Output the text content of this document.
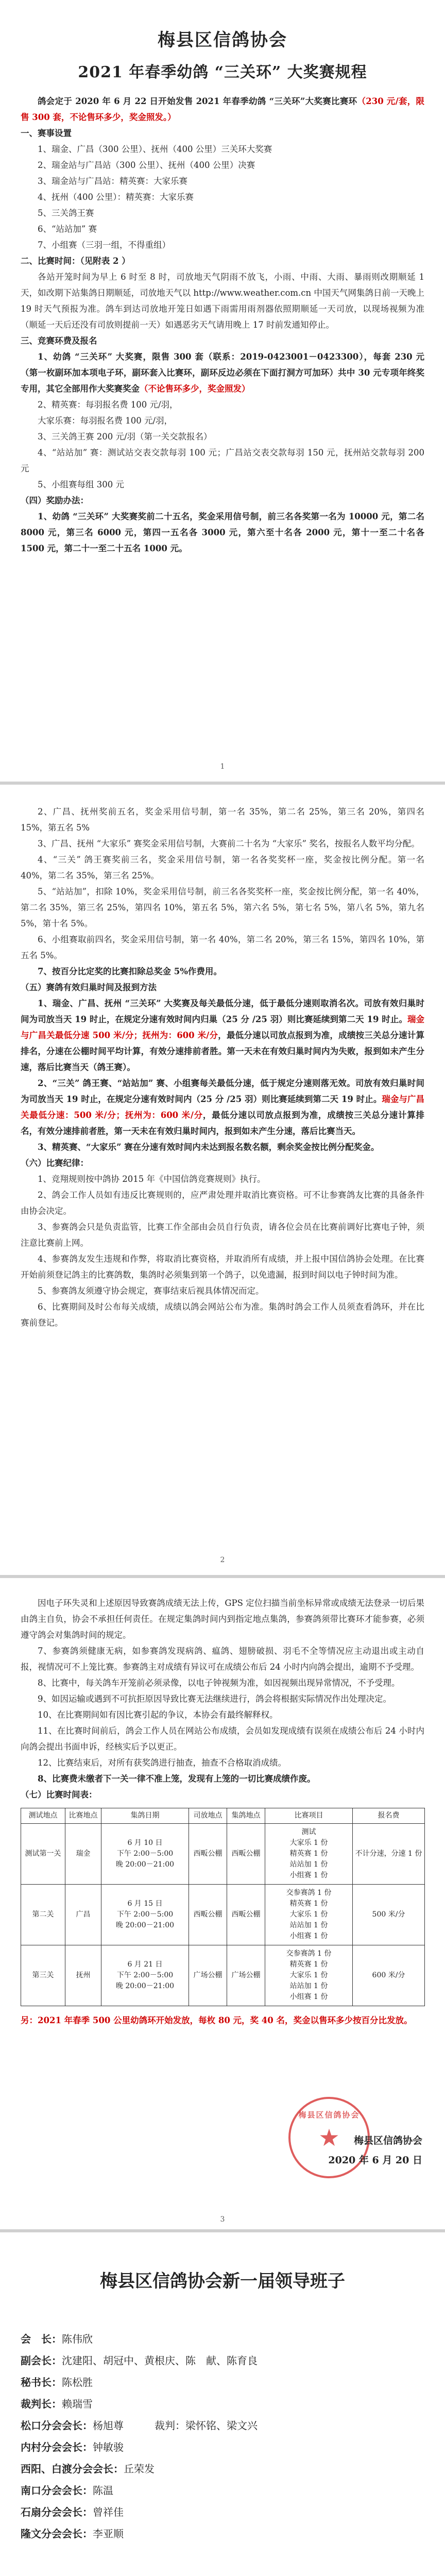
梅县区信鸽协会
2021 年春季幼鸽 “三关环” 大奖赛规程

鸽会定于 2020 年 6 月 22 日开始发售 2021 年春季幼鸽 “三关环”大奖赛比赛环（230 元/套，限售 300 套，不论售环多少，奖金照发。）

一、赛事设置

1、瑞金、广昌（300 公里）、抚州（400 公里）三关环大奖赛

2、瑞金站与广昌站（300 公里）、抚州（400 公里）决赛

3、瑞金站与广昌站：精英赛：大家乐赛

4、抚州（400 公里）：精英赛：大家乐赛

5、三关鸽王赛

6、“站站加” 赛

7、小组赛（三羽一组，不得重组）

二、比赛时间：（见附表 2 ）

各站开笼时间为早上 6 时至 8 时，司放地天气阴雨不放飞，小雨、中雨、大雨、暴雨则改期顺延 1 天，如改期下站集鸽日期顺延，司放地天气以 http://www.weather.com.cn 中国天气网集鸽日前一天晚上 19 时天气预报为准。鸽车到达司放地开笼日如遇下雨需用雨剂器依照期顺延一天司放，以现场视频为准（顺延一天后还没有司放则提前一天）如遇恶劣天气请用晚上 17 时前发通知停止。

三、竞赛环费及报名

1、幼鸽 “三关环” 大奖赛，限售 300 套（联系：2019-0423001－0423300），每套 230 元（第一枚副环加本项电子环，副环套入比赛环，副环反边必须在下面打洞方可加环）共中 30 元专项年终奖专用，其它全部用作大奖赛奖金（不论售环多少，奖金照发）

2、精英赛：每羽报名费 100 元/羽，

大家乐赛：每羽报名费 100 元/羽，

3、三关鸽王赛 200 元/羽（第一关交款报名）

4、“站站加” 赛：测试站交表交款每羽 100 元；广昌站交表交款每羽 150 元，抚州站交款每羽 200 元

5、小组赛每组 300 元

（四）奖励办法：

1、幼鸽 “三关环” 大奖赛奖前二十五名，奖金采用信号制，前三名各奖第一名为 10000 元，第二名 8000 元，第三名 6000 元，第四一五名各 3000 元，第六至十名各 2000 元，第十一至二十名各 1500 元，第二十一至二十五名 1000 元。

1

2、广昌、抚州奖前五名，奖金采用信号制，第一名 35%，第二名 25%，第三名 20%，第四名 15%，第五名 5%

3、广昌、抚州 “大家乐” 赛奖金采用信号制，大赛前二十名为 “大家乐” 奖名，按报名人数平均分配。

4、“三关” 鸽王赛奖前三名，奖金采用信号制，第一名各奖奖杯一座，奖金按比例分配。第一名 40%，第二名 35%，第三名 25%。

5、“站站加”，扣除 10%，奖金采用信号制，前三名各奖奖杯一座，奖金按比例分配，第一名 40%，第二名 35%，第三名 25%，第四名 10%，第五名 5%，第六名 5%，第七名 5%，第八名 5%，第九名 5%，第十名 5%。

6、小组赛取前四名，奖金采用信号制，第一名 40%，第二名 20%，第三名 15%，第四名 10%，第五名 5%。

7、按百分比定奖的比赛扣除总奖金 5%作费用。

（五）赛鸽有效归巢时间及报到方法

1、瑞金、广昌、抚州 “三关环” 大奖赛及每关最低分速，低于最低分速则取消名次。司放有效归巢时间为司放当天 19 时止，在规定分速有效时间内归巢（25 分 /25 羽）则比赛延续到第二天 19 时止。瑞金与广昌关最低分速 500 米/分；抚州为：600 米/分，最低分速以司放点报到为准，成绩按三关总分速计算排名，分速在公棚时间平均计算，有效分速排前者胜。第一天未在有效归巢时间内为失败，报到如未产生分速，落后比赛当天（鸽王赛）。

2、“三关” 鸽王赛、“站站加” 赛、小组赛每关最低分速，低于规定分速则落无效。司放有效归巢时间为司放当天 19 时止，在规定分速有效时间内（25 分 /25 羽）则比赛延续到第二天 19 时止。瑞金与广昌关最低分速：500 米/分；抚州为：600 米/分，最低分速以司放点报到为准，成绩按三关总分速计算排名，有效分速排前者胜，第一天未在有效归巢时间内，报到如未产生分速，落后比赛当天。

3、精英赛、“大家乐” 赛在分速有效时间内未达到报名数名额，剩余奖金按比例分配奖金。

（六）比赛纪律：

1、竞翔规则按中鸽协 2015 年《中国信鸽竞赛规则》执行。

2、鸽会工作人员如有违反比赛规则的，应严肃处理并取消比赛资格。可不让参赛鸽友比赛的具备条件由协会决定。

3、参赛鸽会只是负责监管，比赛工作全部由会员自行负责，请各位会员在比赛前调好比赛电子钟，须注意比赛前上网。

4、参赛鸽友发生违规和作弊，将取消比赛资格，并取消所有成绩，并上报中国信鸽协会处理。在比赛开始前须登记鸽主的比赛鸽数，集鸽时必须集到第一个鸽子，以免遗漏，报到时间以电子钟时间为准。

5、参赛鸽友须遵守协会规定，赛事结束后视具体情况而定。

6、比赛期间及时公布每关成绩，成绩以鸽会网站公布为准。集鸽时鸽会工作人员须查看鸽环，并在比赛前登记。

2

因电子环失灵和上述原因导致赛鸽成绩无法上传，GPS 定位扫描当前坐标异常或成绩无法登录一切后果由鸽主自负，协会不承担任何责任。在规定集鸽时间内到指定地点集鸽，参赛鸽须带比赛环才能参赛，必须遵守鸽会对集鸽时间的规定。

7、参赛鸽须健康无病，如参赛鸽发现病鸽、瘟鸽、翅膀破损、羽毛不全等情况应主动退出或主动自报，视情况可不上笼比赛。参赛鸽主对成绩有异议可在成绩公布后 24 小时内向鸽会提出，逾期不予受理。

8、比赛中，每关鸽车开笼前必须录像，以电子钟视频为准，如因视频出现异常情况，不予受理。

9、如因运输或遇到不可抗拒原因导致比赛无法继续进行，鸽会将根据实际情况作出处理决定。

10、在比赛期间如有因比赛引起的争议，本协会有最终解释权。

11、在比赛时间前后，鸽会工作人员在网站公布成绩，会员如发现成绩有误须在成绩公布后 24 小时内向鸽会提出书面申诉，经核实后予以更正。

12、比赛结束后，对所有获奖鸽进行抽查，抽查不合格取消成绩。

8、比赛费未缴者下一关一律不准上笼，发现有上笼的一切比赛成绩作废。

（七）比赛时间表：

测试地点	比赛地点	集鸽日期	司放地点	集鸽地点	比赛项目	报名费
测试第一关	瑞金	6 月 10 日
下午 2:00－5:00
晚 20:00－21:00	西畈公棚	西畈公棚	测试
大家乐 1 份
精英赛 1 份
站站加 1 份
小组赛 1 份	不计分速，分速 1 份
第二关	广昌	6 月 15 日
下午 2:00－5:00
晚 20:00－21:00	西畈公棚	西畈公棚	交参赛鸽 1 份
精英赛 1 份
大家乐 1 份
站站加 1 份
小组赛 1 份	500 米/分
第三关	抚州	6 月 21 日
下午 2:00－5:00
晚 20:00－21:00	广场公棚	广场公棚	交参赛鸽 1 份
精英赛 1 份
大家乐 1 份
站站加 1 份
小组赛 1 份	600 米/分

另：2021 年春季 500 公里幼鸽环开始发放，每枚 80 元，奖 40 名，奖金以售环多少按百分比发放。

梅县区信鸽协会
★	梅县区信鸽协会
2020 年 6 月 20 日
3
梅县区信鸽协会新一届领导班子
会　长：陈伟欣
副会长：沈建阳、胡冠中、黄根庆、陈　献、陈育良
秘书长：陈松胜
裁判长：赖瑞雪
松口分会会长：杨旭尊　　　裁判：梁怀铭、梁文兴
内村分会会长：钟敏骏
西阳、白渡分会会长：丘荣发
南口分会会长：陈温
石扇分会会长：曾祥佳
隆文分会会长：李亚顺
